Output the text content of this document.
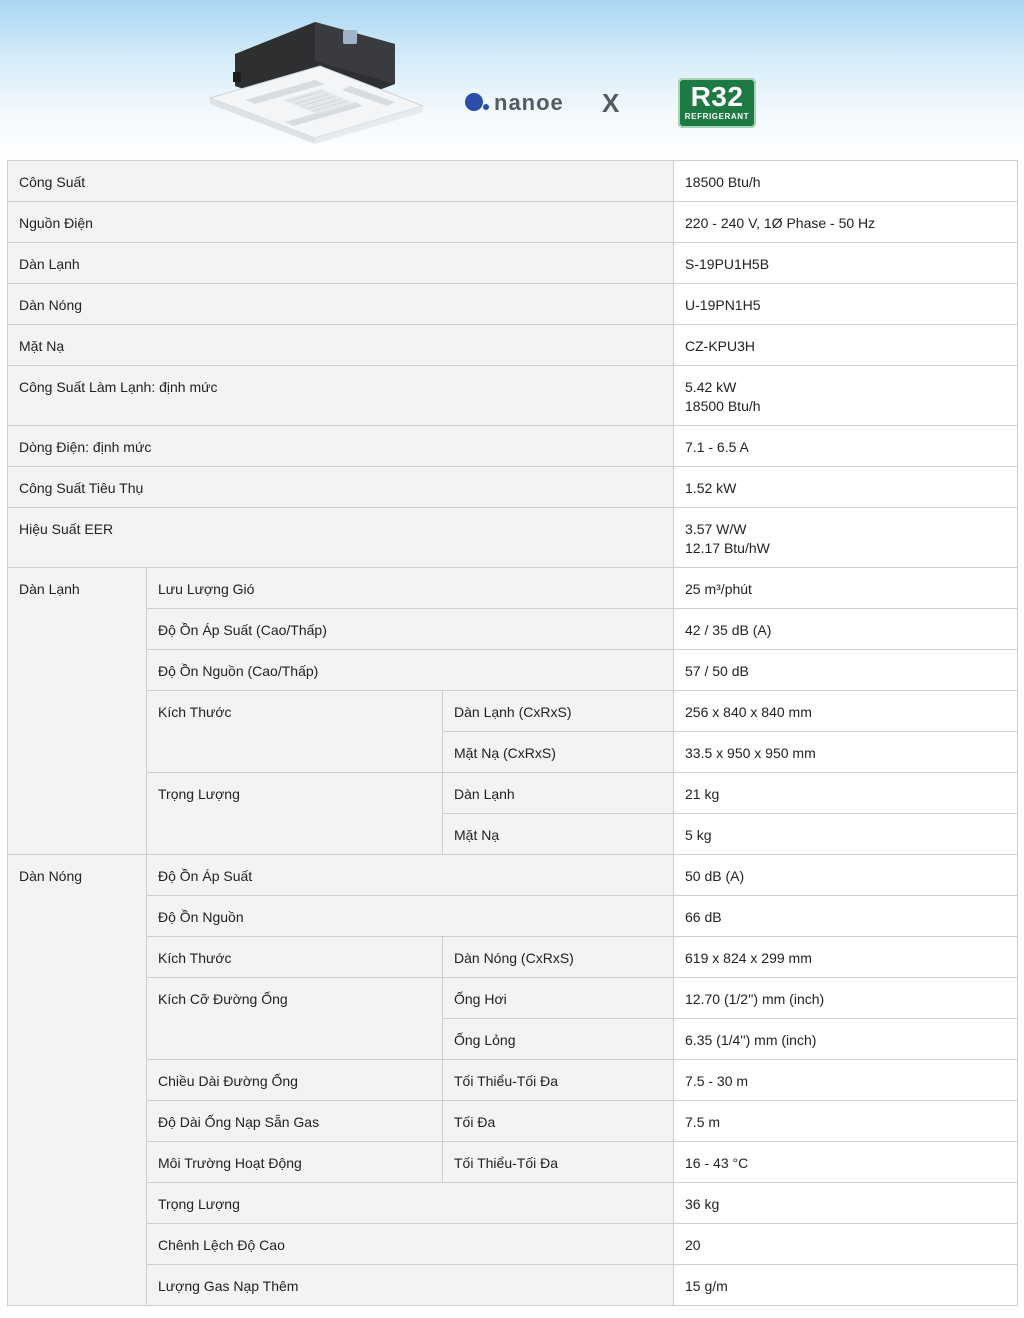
nanoe X	R32
REFRIGERANT
Công Suất			18500 Btu/h
Nguồn Điện			220 - 240 V, 1Ø Phase - 50 Hz
Dàn Lạnh			S-19PU1H5B
Dàn Nóng			U-19PN1H5
Mặt Nạ			CZ-KPU3H
Công Suất Làm Lạnh: định mức			5.42 kW
18500 Btu/h

Dòng Điện: định mức			7.1 - 6.5 A
Công Suất Tiêu Thụ			1.52 kW
Hiệu Suất EER			3.57 W/W
12.17 Btu/hW

Dàn Lạnh	Lưu Lượng Gió		25 m³/phút
	Độ Ồn Áp Suất (Cao/Thấp)		42 / 35 dB (A)
	Độ Ồn Nguồn (Cao/Thấp)		57 / 50 dB
	Kích Thước	Dàn Lạnh (CxRxS)	256 x 840 x 840 mm
		Mặt Nạ (CxRxS)	33.5 x 950 x 950 mm
	Trọng Lượng	Dàn Lạnh	21 kg
		Mặt Nạ	5 kg
Dàn Nóng	Độ Ồn Áp Suất		50 dB (A)
	Độ Ồn Nguồn		66 dB
	Kích Thước	Dàn Nóng (CxRxS)	619 x 824 x 299 mm
	Kích Cỡ Đường Ống	Ống Hơi	12.70 (1/2'') mm (inch)
		Ống Lỏng	6.35 (1/4'') mm (inch)
	Chiều Dài Đường Ống	Tối Thiểu-Tối Đa	7.5 - 30 m
	Độ Dài Ống Nạp Sẵn Gas	Tối Đa	7.5 m
	Môi Trường Hoạt Động	Tối Thiểu-Tối Đa	16 - 43 °C
	Trọng Lượng		36 kg
	Chênh Lệch Độ Cao		20
	Lượng Gas Nạp Thêm		15 g/m
